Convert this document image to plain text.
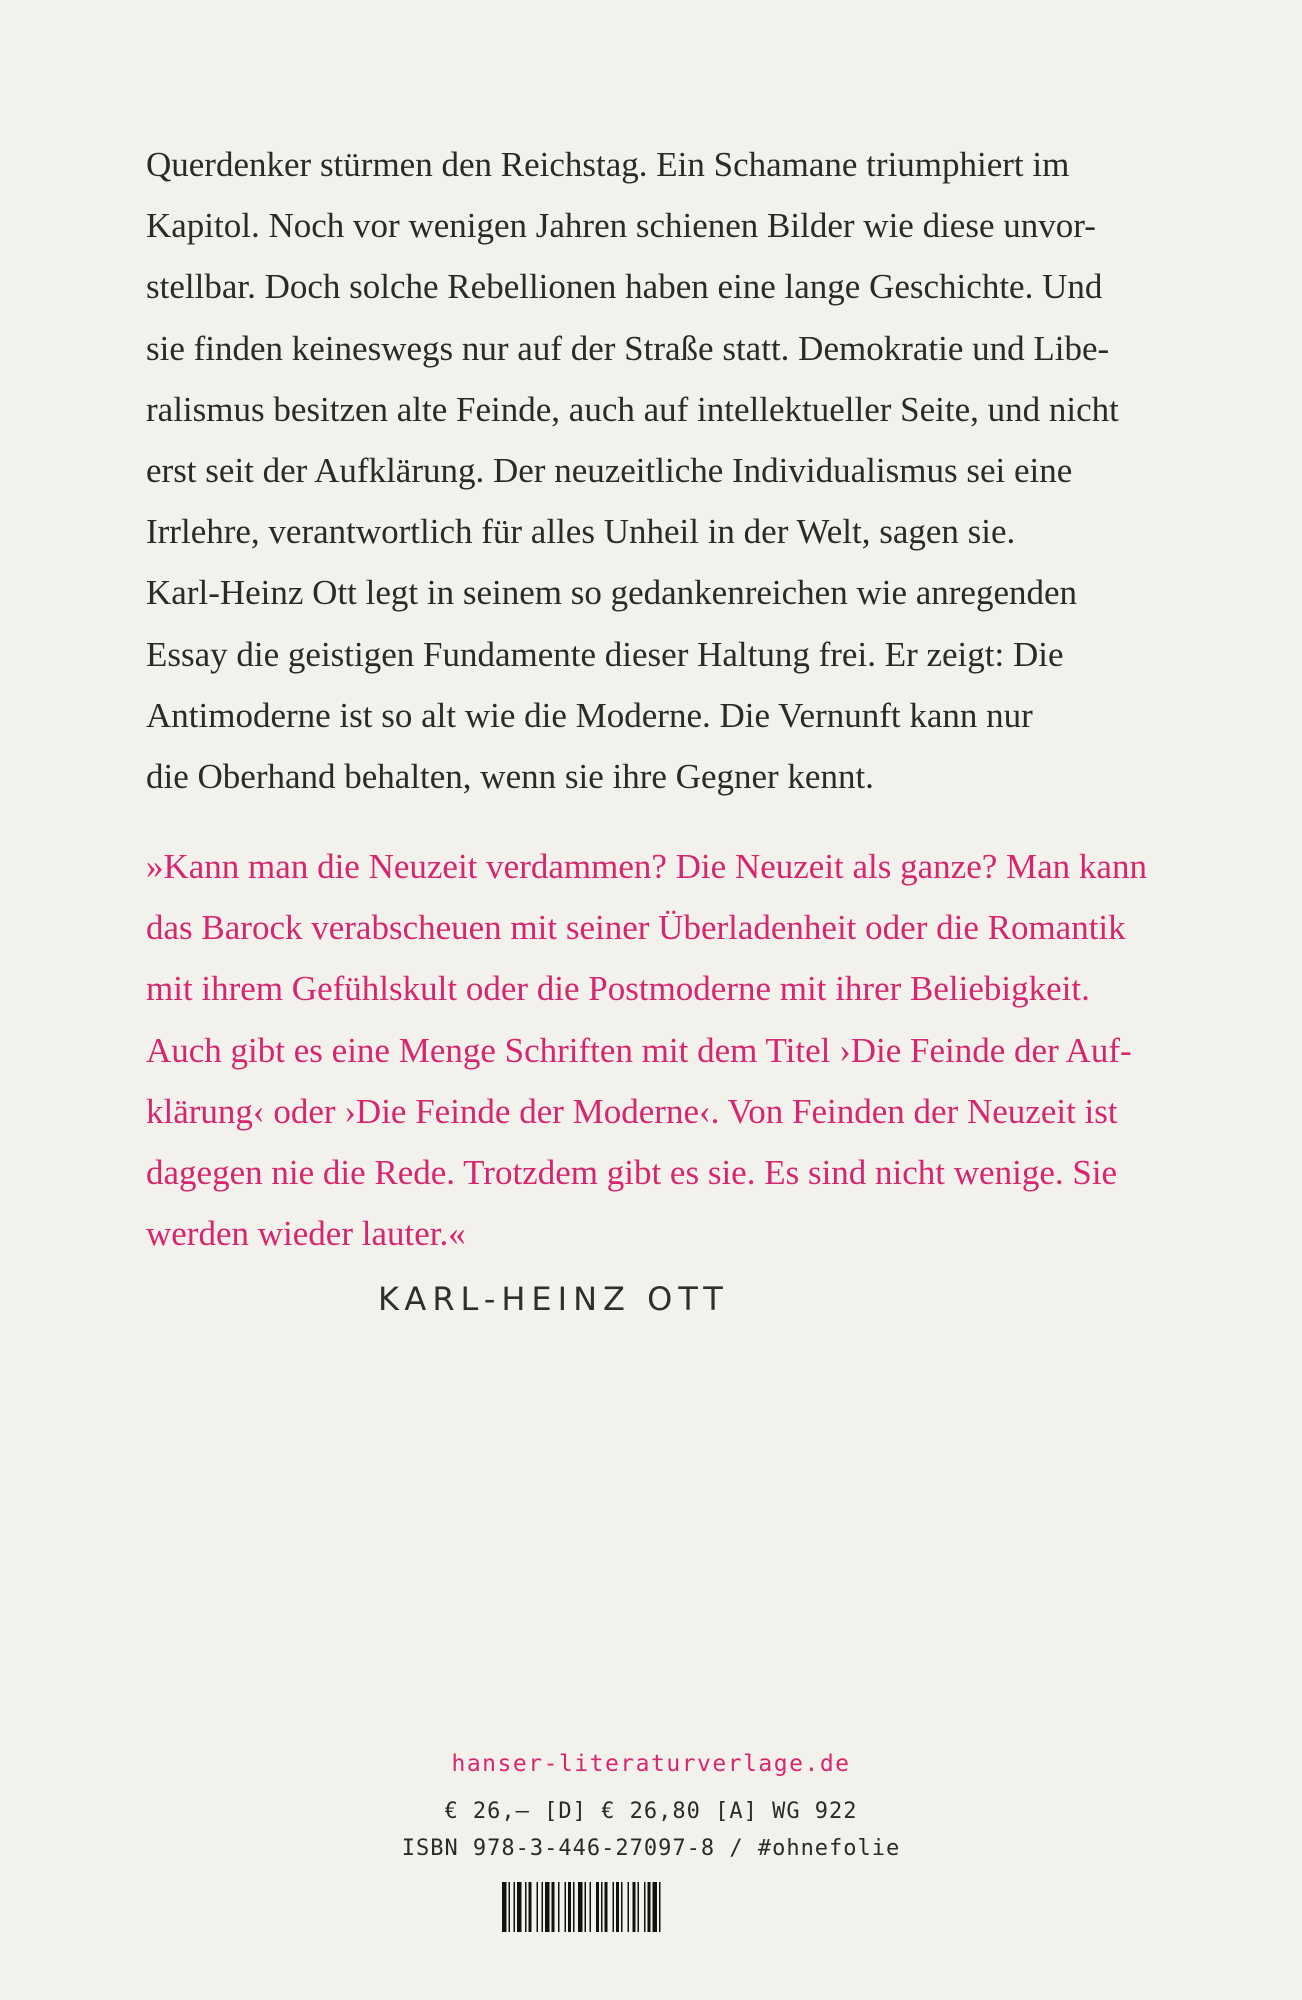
Querdenker stürmen den Reichstag. Ein Schamane triumphiert im
Kapitol. Noch vor wenigen Jahren schienen Bilder wie diese unvor-
stellbar. Doch solche Rebellionen haben eine lange Geschichte. Und
sie finden keineswegs nur auf der Straße statt. Demokratie und Libe-
ralismus besitzen alte Feinde, auch auf intellektueller Seite, und nicht
erst seit der Aufklärung. Der neuzeitliche Individualismus sei eine
Irrlehre, verantwortlich für alles Unheil in der Welt, sagen sie.
Karl-Heinz Ott legt in seinem so gedankenreichen wie anregenden
Essay die geistigen Fundamente dieser Haltung frei. Er zeigt: Die
Antimoderne ist so alt wie die Moderne. Die Vernunft kann nur
die Oberhand behalten, wenn sie ihre Gegner kennt.

»Kann man die Neuzeit verdammen? Die Neuzeit als ganze? Man kann
das Barock verabscheuen mit seiner Überladenheit oder die Romantik
mit ihrem Gefühlskult oder die Postmoderne mit ihrer Beliebigkeit.
Auch gibt es eine Menge Schriften mit dem Titel ›Die Feinde der Auf-
klärung‹ oder ›Die Feinde der Moderne‹. Von Feinden der Neuzeit ist
dagegen nie die Rede. Trotzdem gibt es sie. Es sind nicht wenige. Sie
werden wieder lauter.«

KARL-HEINZ OTT
hanser-literaturverlage.de
€ 26,– [D] € 26,80 [A] WG 922
ISBN 978-3-446-27097-8 / #ohnefolie
